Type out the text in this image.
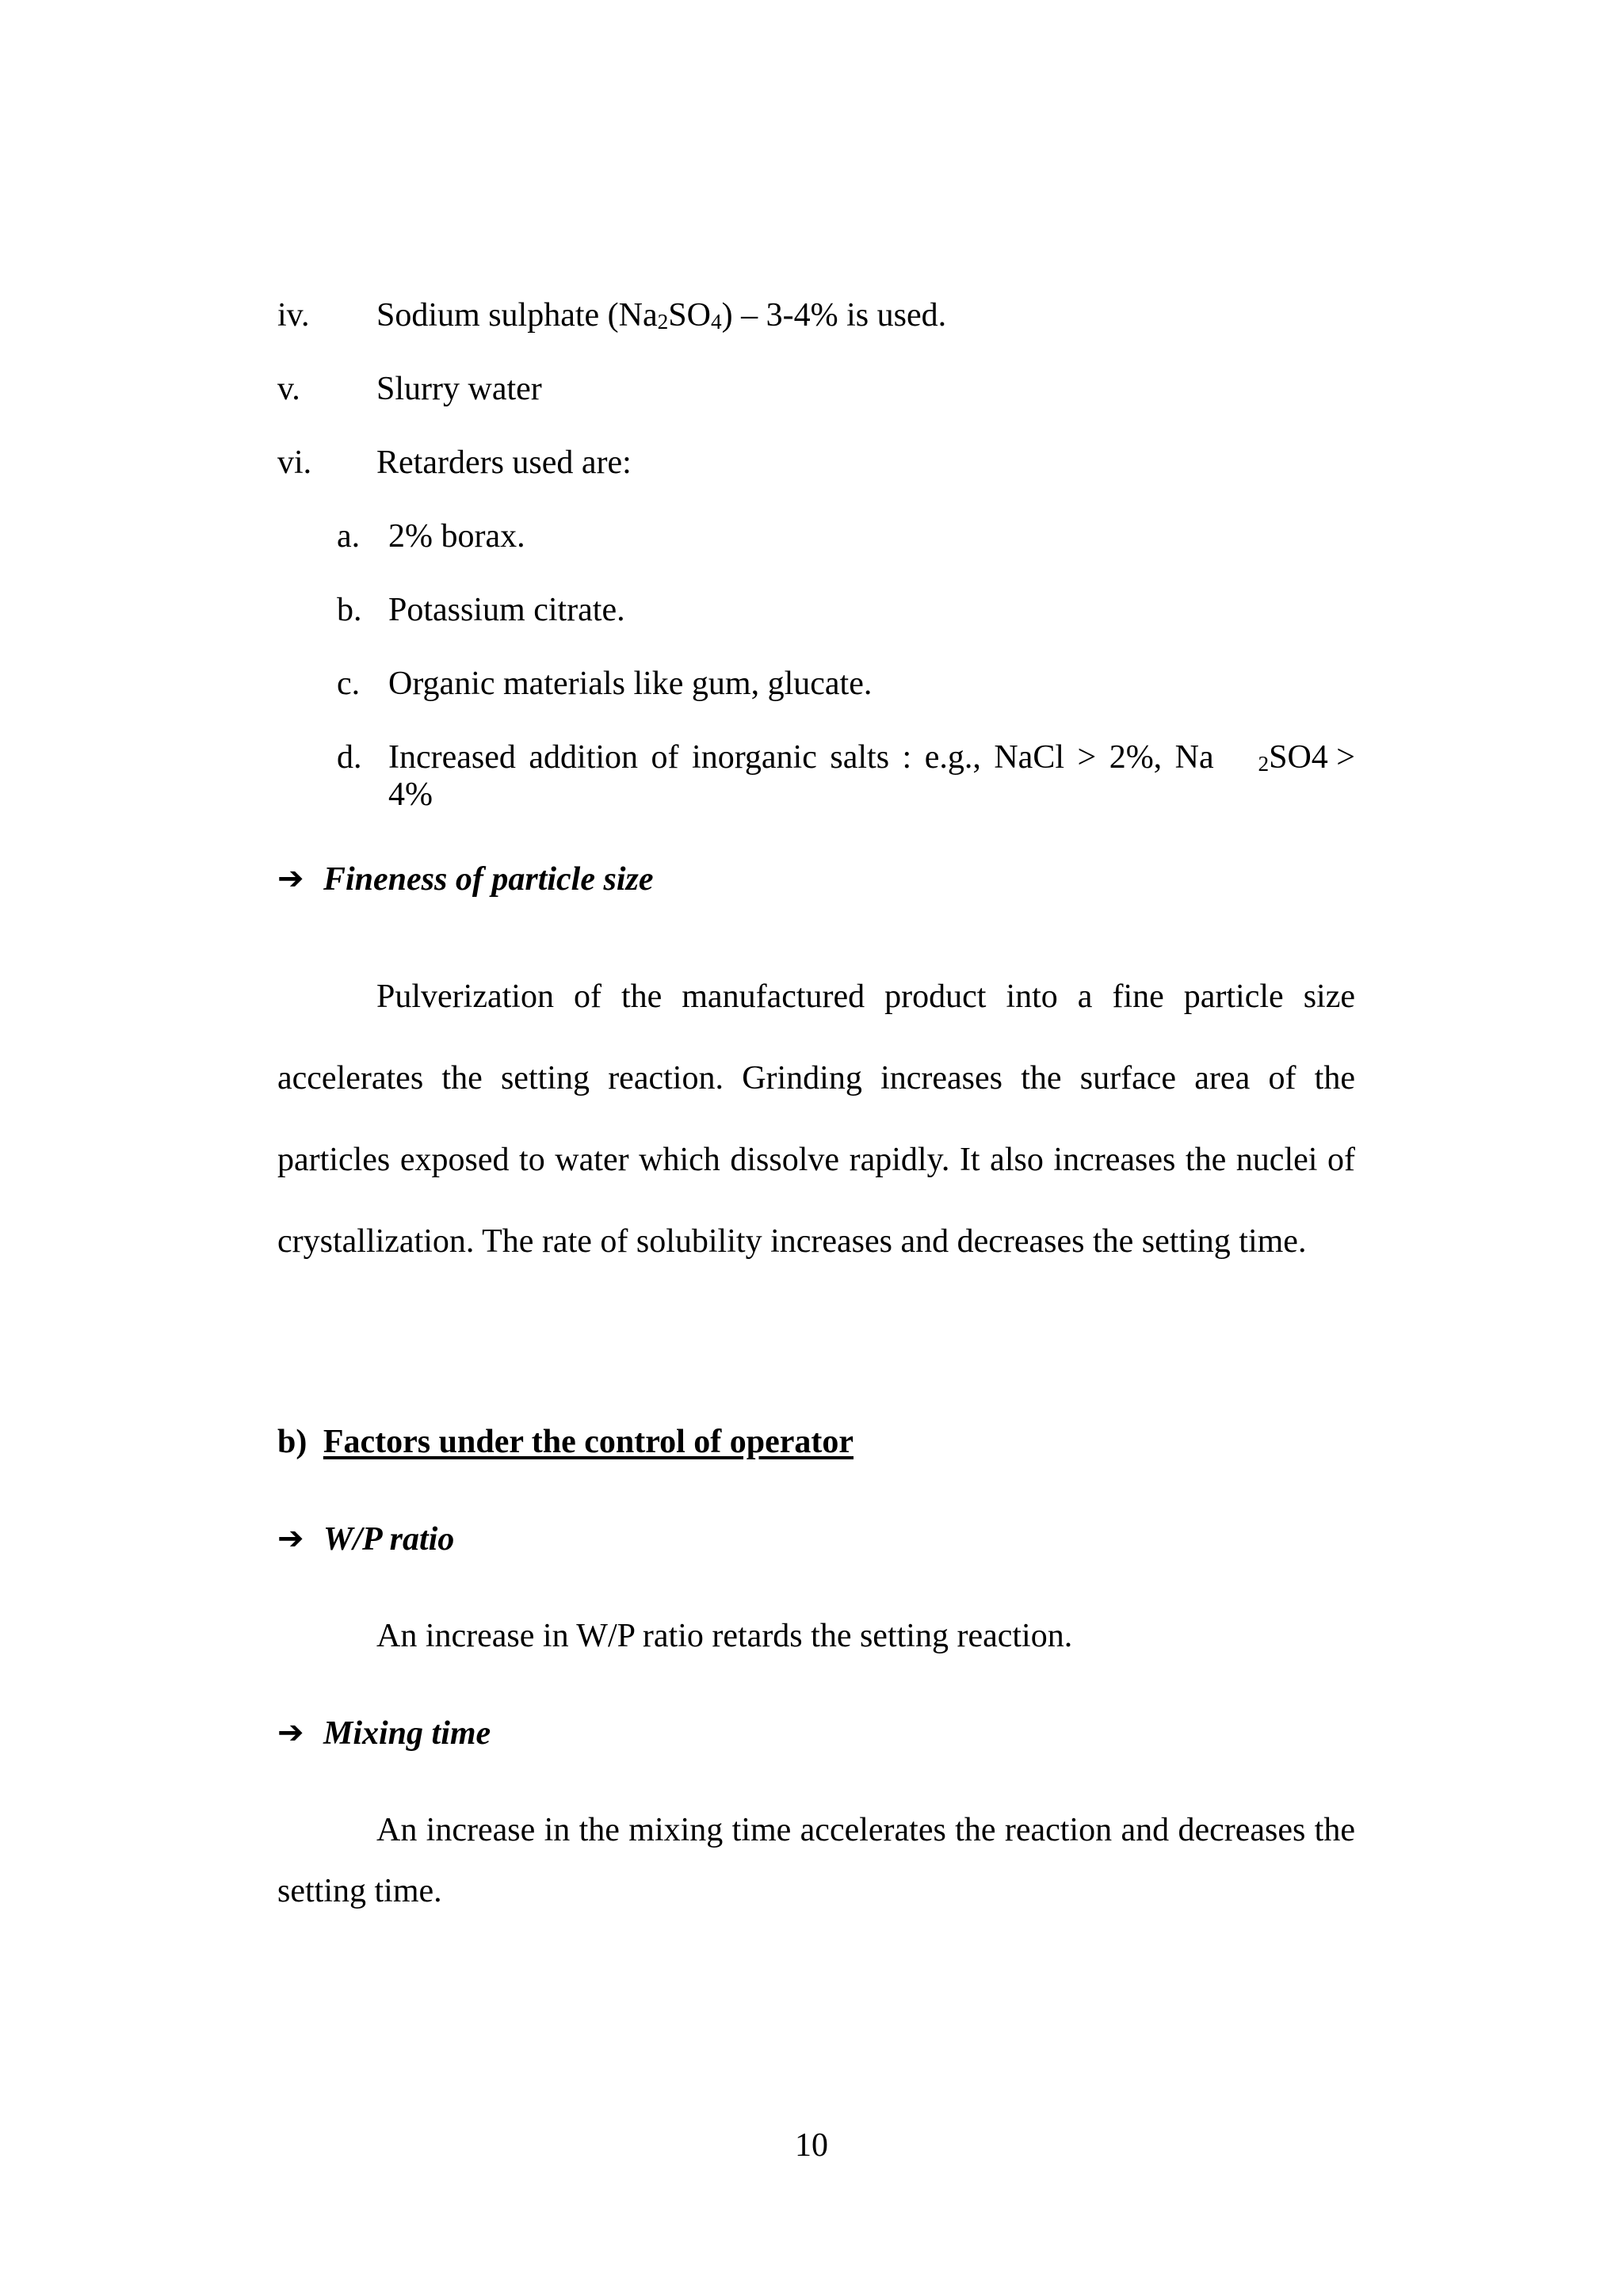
iv. Sodium sulphate $(Na_2SO_4) - 3-4\%$ is used.
v. Slurry water
vi. Retarders used are:
a. 2% borax.
b. Potassium citrate.
c. Organic materials like gum, glucate.
d. Increased addition of inorganic salts : e.g., NaCl > 2%, Na $_2$SO4 >
4%
➔ Fineness of particle size
Pulverization of the manufactured product into a fine particle size accelerates the setting reaction. Grinding increases the surface area of the particles exposed to water which dissolve rapidly. It also increases the nuclei of crystallization. The rate of solubility increases and decreases the setting time.
b) Factors under the control of operator
➔ W/P ratio
An increase in W/P ratio retards the setting reaction.
➔ Mixing time
An increase in the mixing time accelerates the reaction and decreases the setting time.
10
